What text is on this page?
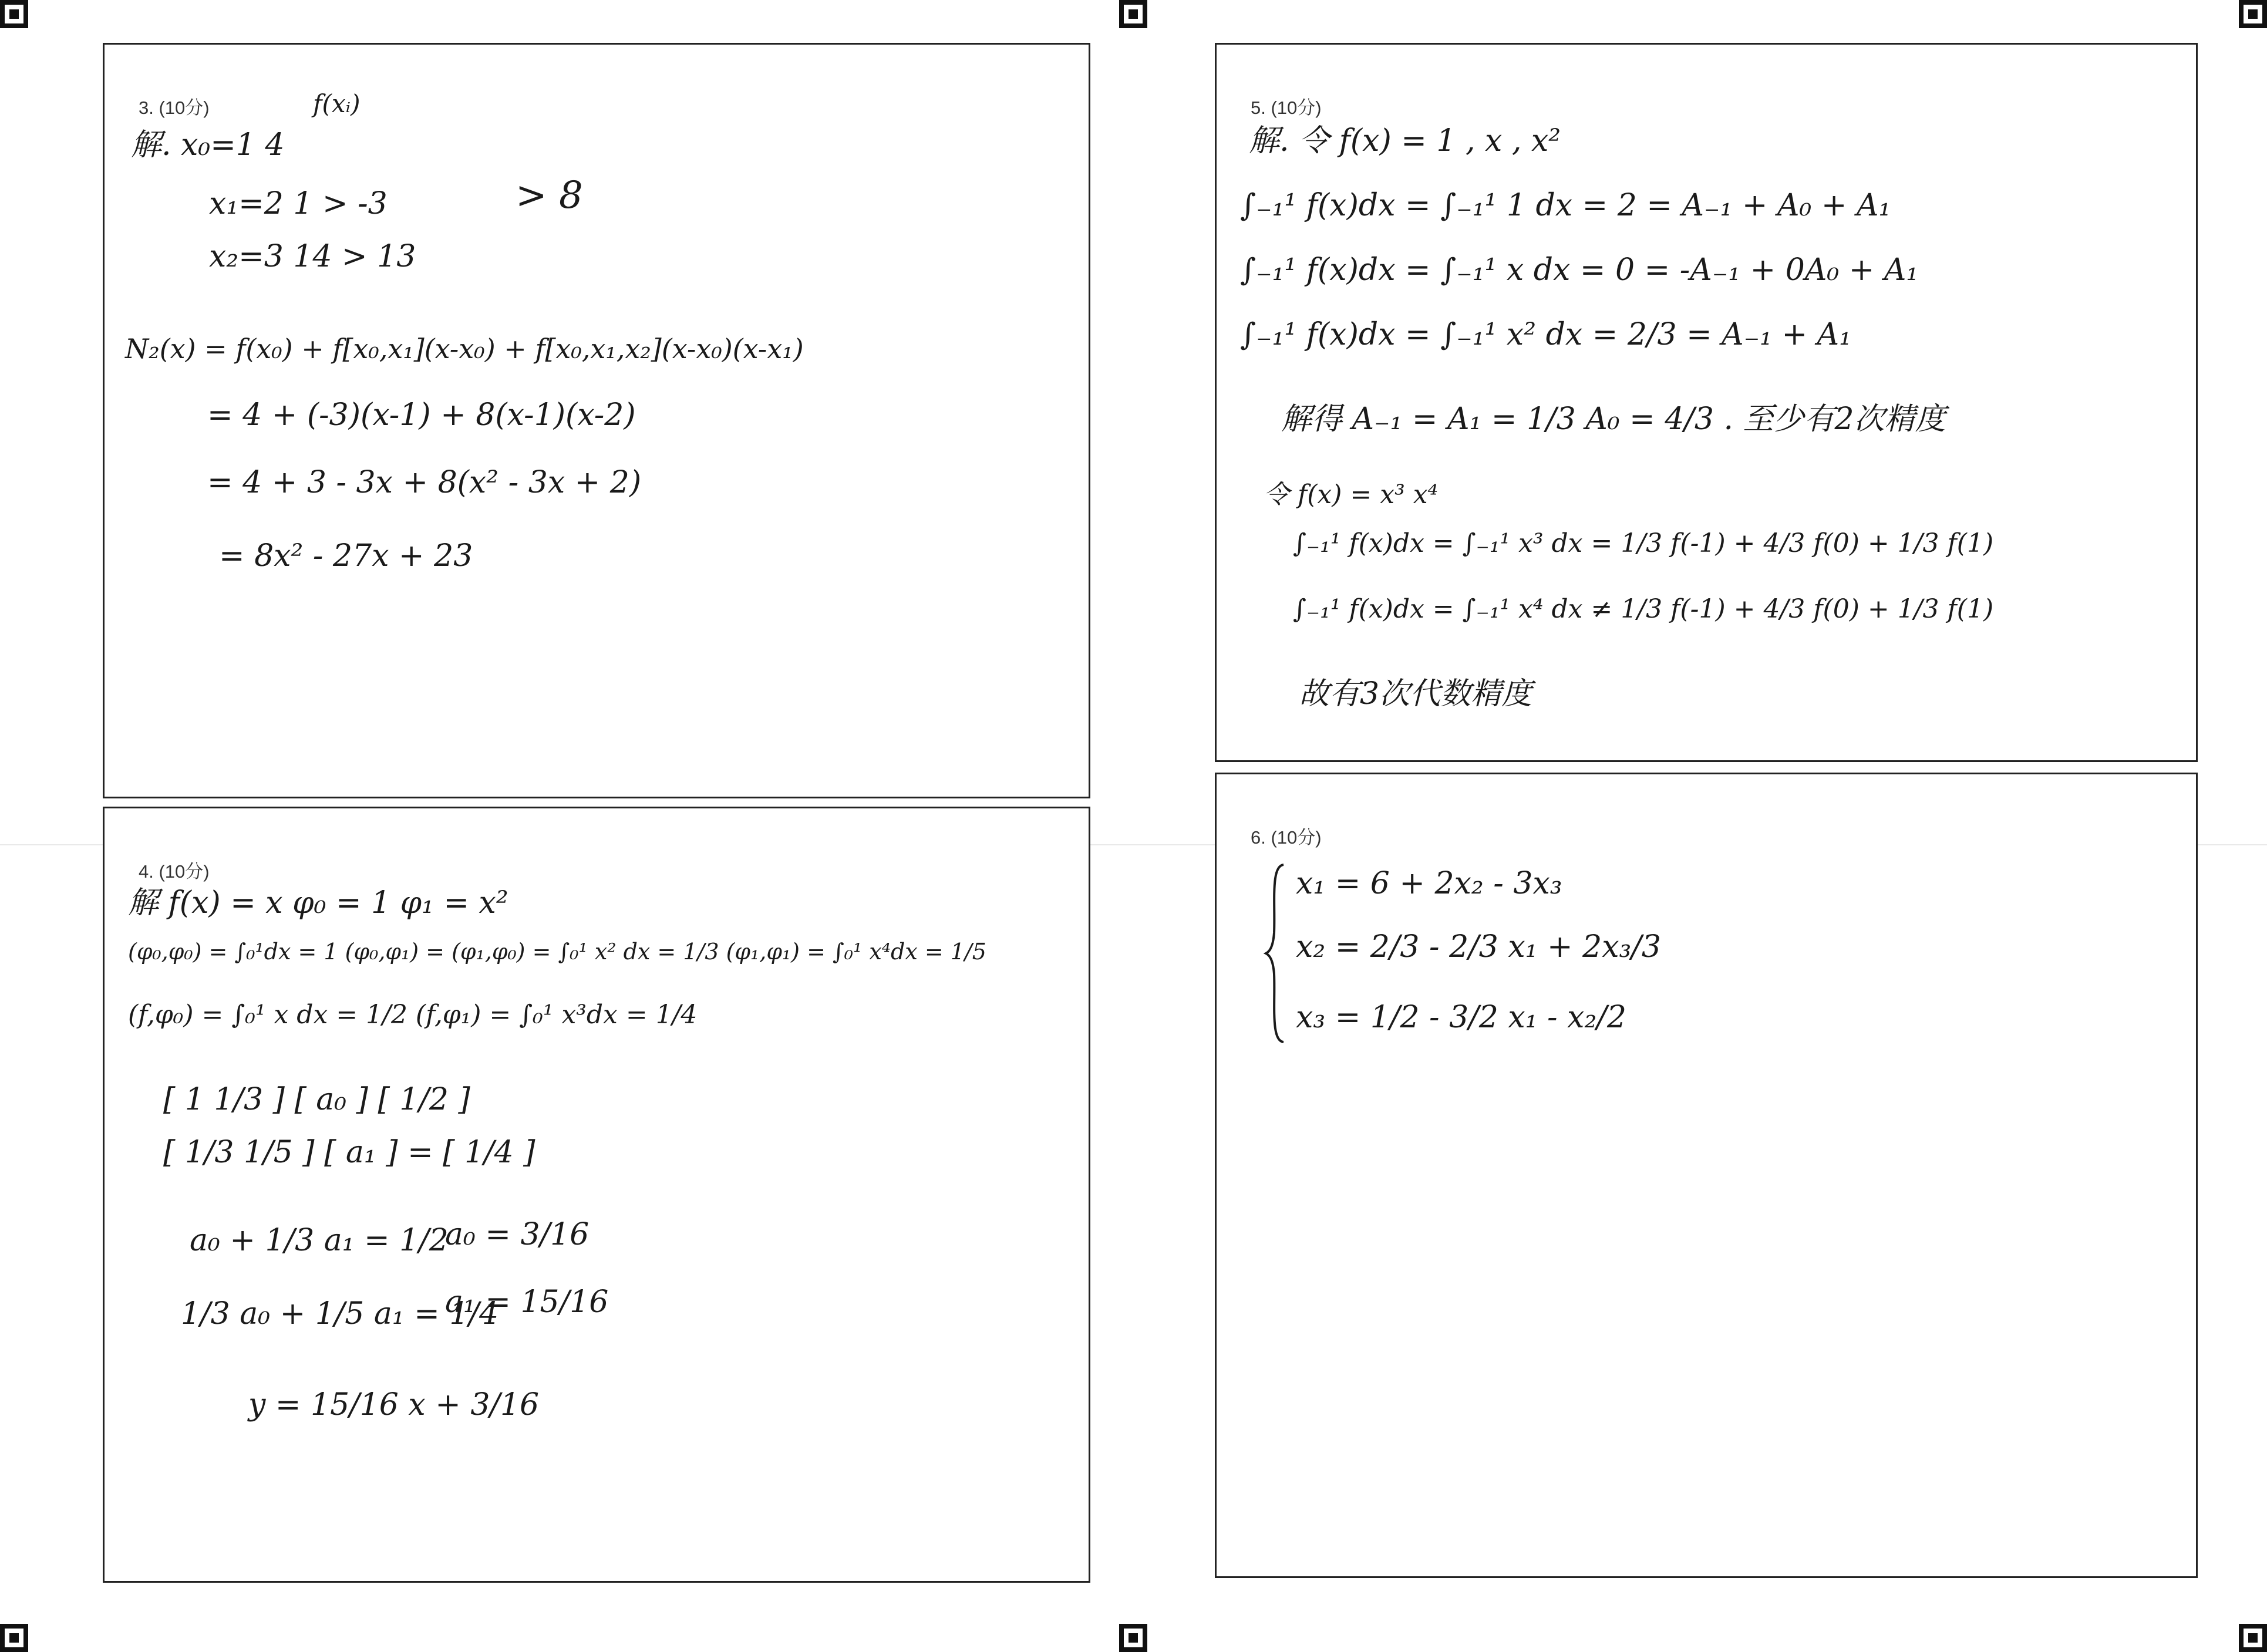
3. (10分)	f(xᵢ)
解. x₀=1 4
x₁=2 1 > -3
x₂=3 14 > 13
> 8
N₂(x) = f(x₀) + f[x₀,x₁](x-x₀) + f[x₀,x₁,x₂](x-x₀)(x-x₁)
= 4 + (-3)(x-1) + 8(x-1)(x-2)
= 4 + 3 - 3x + 8(x² - 3x + 2)
= 8x² - 27x + 23
4. (10分)
解 f(x) = x φ₀ = 1 φ₁ = x²
(φ₀,φ₀) = ∫₀¹dx = 1 (φ₀,φ₁) = (φ₁,φ₀) = ∫₀¹ x² dx = 1/3 (φ₁,φ₁) = ∫₀¹ x⁴dx = 1/5
(f,φ₀) = ∫₀¹ x dx = 1/2 (f,φ₁) = ∫₀¹ x³dx = 1/4
[ 1 1/3 ] [ a₀ ] [ 1/2 ]
[ 1/3 1/5 ] [ a₁ ] = [ 1/4 ]
a₀ + 1/3 a₁ = 1/2
1/3 a₀ + 1/5 a₁ = 1/4
a₀ = 3/16
a₁ = 15/16
y = 15/16 x + 3/16
5. (10分)
解. 令 f(x) = 1 , x , x²
∫₋₁¹ f(x)dx = ∫₋₁¹ 1 dx = 2 = A₋₁ + A₀ + A₁
∫₋₁¹ f(x)dx = ∫₋₁¹ x dx = 0 = -A₋₁ + 0A₀ + A₁
∫₋₁¹ f(x)dx = ∫₋₁¹ x² dx = 2/3 = A₋₁ + A₁
解得 A₋₁ = A₁ = 1/3 A₀ = 4/3 . 至少有2次精度
令 f(x) = x³ x⁴
∫₋₁¹ f(x)dx = ∫₋₁¹ x³ dx = 1/3 f(-1) + 4/3 f(0) + 1/3 f(1)
∫₋₁¹ f(x)dx = ∫₋₁¹ x⁴ dx ≠ 1/3 f(-1) + 4/3 f(0) + 1/3 f(1)
故有3次代数精度
6. (10分)
x₁ = 6 + 2x₂ - 3x₃
x₂ = 2/3 - 2/3 x₁ + 2x₃/3
x₃ = 1/2 - 3/2 x₁ - x₂/2
